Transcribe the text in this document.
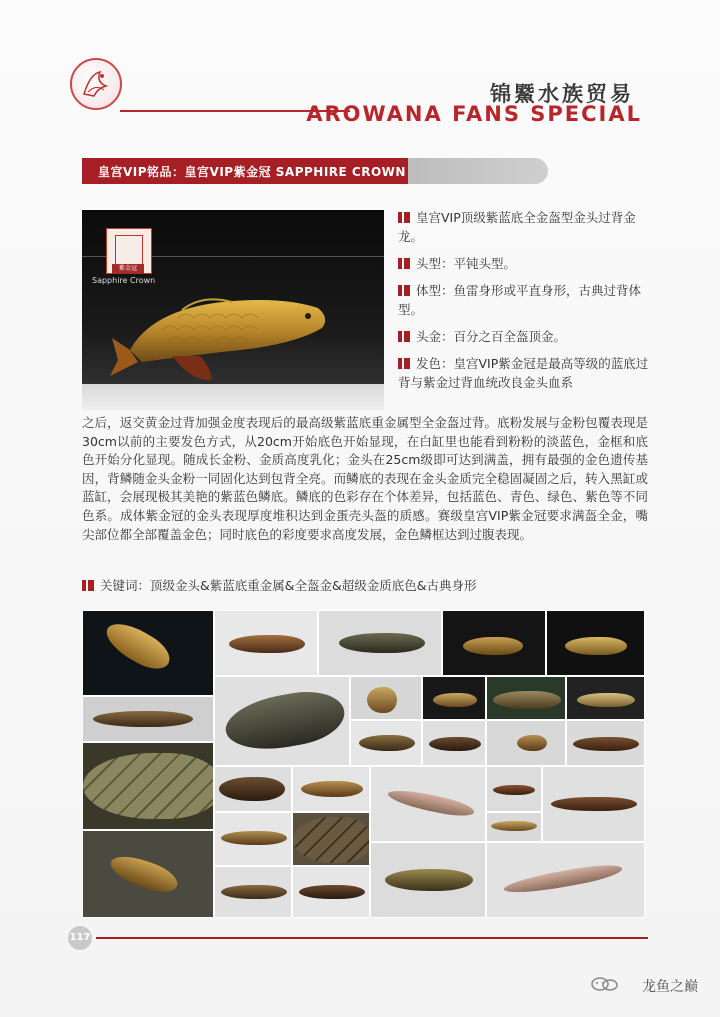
锦鱀水族贸易
AROWANA FANS SPECIAL
皇宫VIP铭品：皇宫VIP紫金冠 SAPPHIRE CROWN
紫金冠
Sapphire Crown

皇宫VIP顶级紫蓝底全金盔型金头过背金龙。

头型：平钝头型。

体型：鱼雷身形或平直身形，古典过背体型。

头金：百分之百全盔顶金。

发色：皇宫VIP紫金冠是最高等级的蓝底过背与紫金过背血统改良金头血系

之后，返交黄金过背加强金度表现后的最高级紫蓝底重金属型全金盔过背。底粉发展与金粉包覆表现是30cm以前的主要发色方式，从20cm开始底色开始显现，在白缸里也能看到粉粉的淡蓝色，金框和底色开始分化显现。随成长金粉、金质高度乳化；金头在25cm级即可达到满盖，拥有最强的金色遗传基因，背鳞随金头金粉一同固化达到包背全亮。而鳞底的表现在金头金质完全稳固凝固之后，转入黑缸或蓝缸，会展现极其美艳的紫蓝色鳞底。鳞底的色彩存在个体差异，包括蓝色、青色、绿色、紫色等不同色系。成体紫金冠的金头表现厚度堆积达到金蛋壳头盔的质感。赛级皇宫VIP紫金冠要求满盔全金，嘴尖部位都全部覆盖金色；同时底色的彩度要求高度发展，金色鳞框达到过腹表现。
关键词：顶级金头&紫蓝底重金属&全盔金&超级金质底色&古典身形
117
龙鱼之巅
